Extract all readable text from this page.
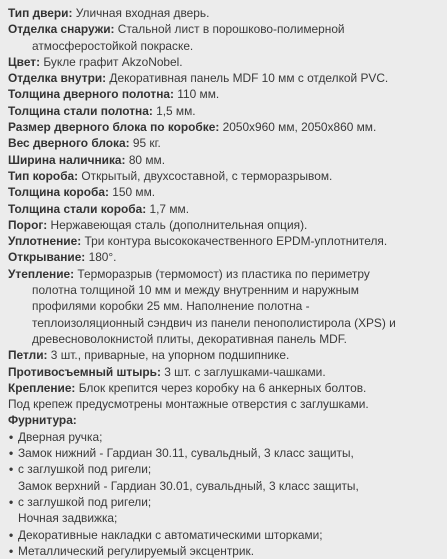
Тип двери: Уличная входная дверь.
Отделка снаружи: Стальной лист в порошково-полимерной
атмосферостойкой покраске.
Цвет: Букле графит AkzoNobel.
Отделка внутри: Декоративная панель MDF 10 мм с отделкой PVC.
Толщина дверного полотна: 110 мм.
Толщина стали полотна: 1,5 мм.
Размер дверного блока по коробке: 2050х960 мм, 2050х860 мм.
Вес дверного блока: 95 кг.
Ширина наличника: 80 мм.
Тип короба: Открытый, двухсоставной, с терморазрывом.
Толщина короба: 150 мм.
Толщина стали короба: 1,7 мм.
Порог: Нержавеющая сталь (дополнительная опция).
Уплотнение: Три контура высококачественного EPDM-уплотнителя.
Открывание: 180°.
Утепление: Терморазрыв (термомост) из пластика по периметру
полотна толщиной 10 мм и между внутренним и наружным
профилями коробки 25 мм. Наполнение полотна -
теплоизоляционный сэндвич из панели пенополистирола (XPS) и
древесноволокнистой плиты, декоративная панель MDF.
Петли: 3 шт., приварные, на упорном подшипнике.
Противосъемный штырь: 3 шт. с заглушками-чашками.
Крепление: Блок крепится через коробку на 6 анкерных болтов.
Под крепеж предусмотрены монтажные отверстия с заглушками.
Фурнитура:
• Дверная ручка;
• Замок нижний - Гардиан 30.11, сувальдный, 3 класс защиты,
• с заглушкой под ригели;
Замок верхний - Гардиан 30.01, сувальдный, 3 класс защиты,
• с заглушкой под ригели;
Ночная задвижка;
• Декоративные накладки с автоматическими шторками;
• Металлический регулируемый эксцентрик.
